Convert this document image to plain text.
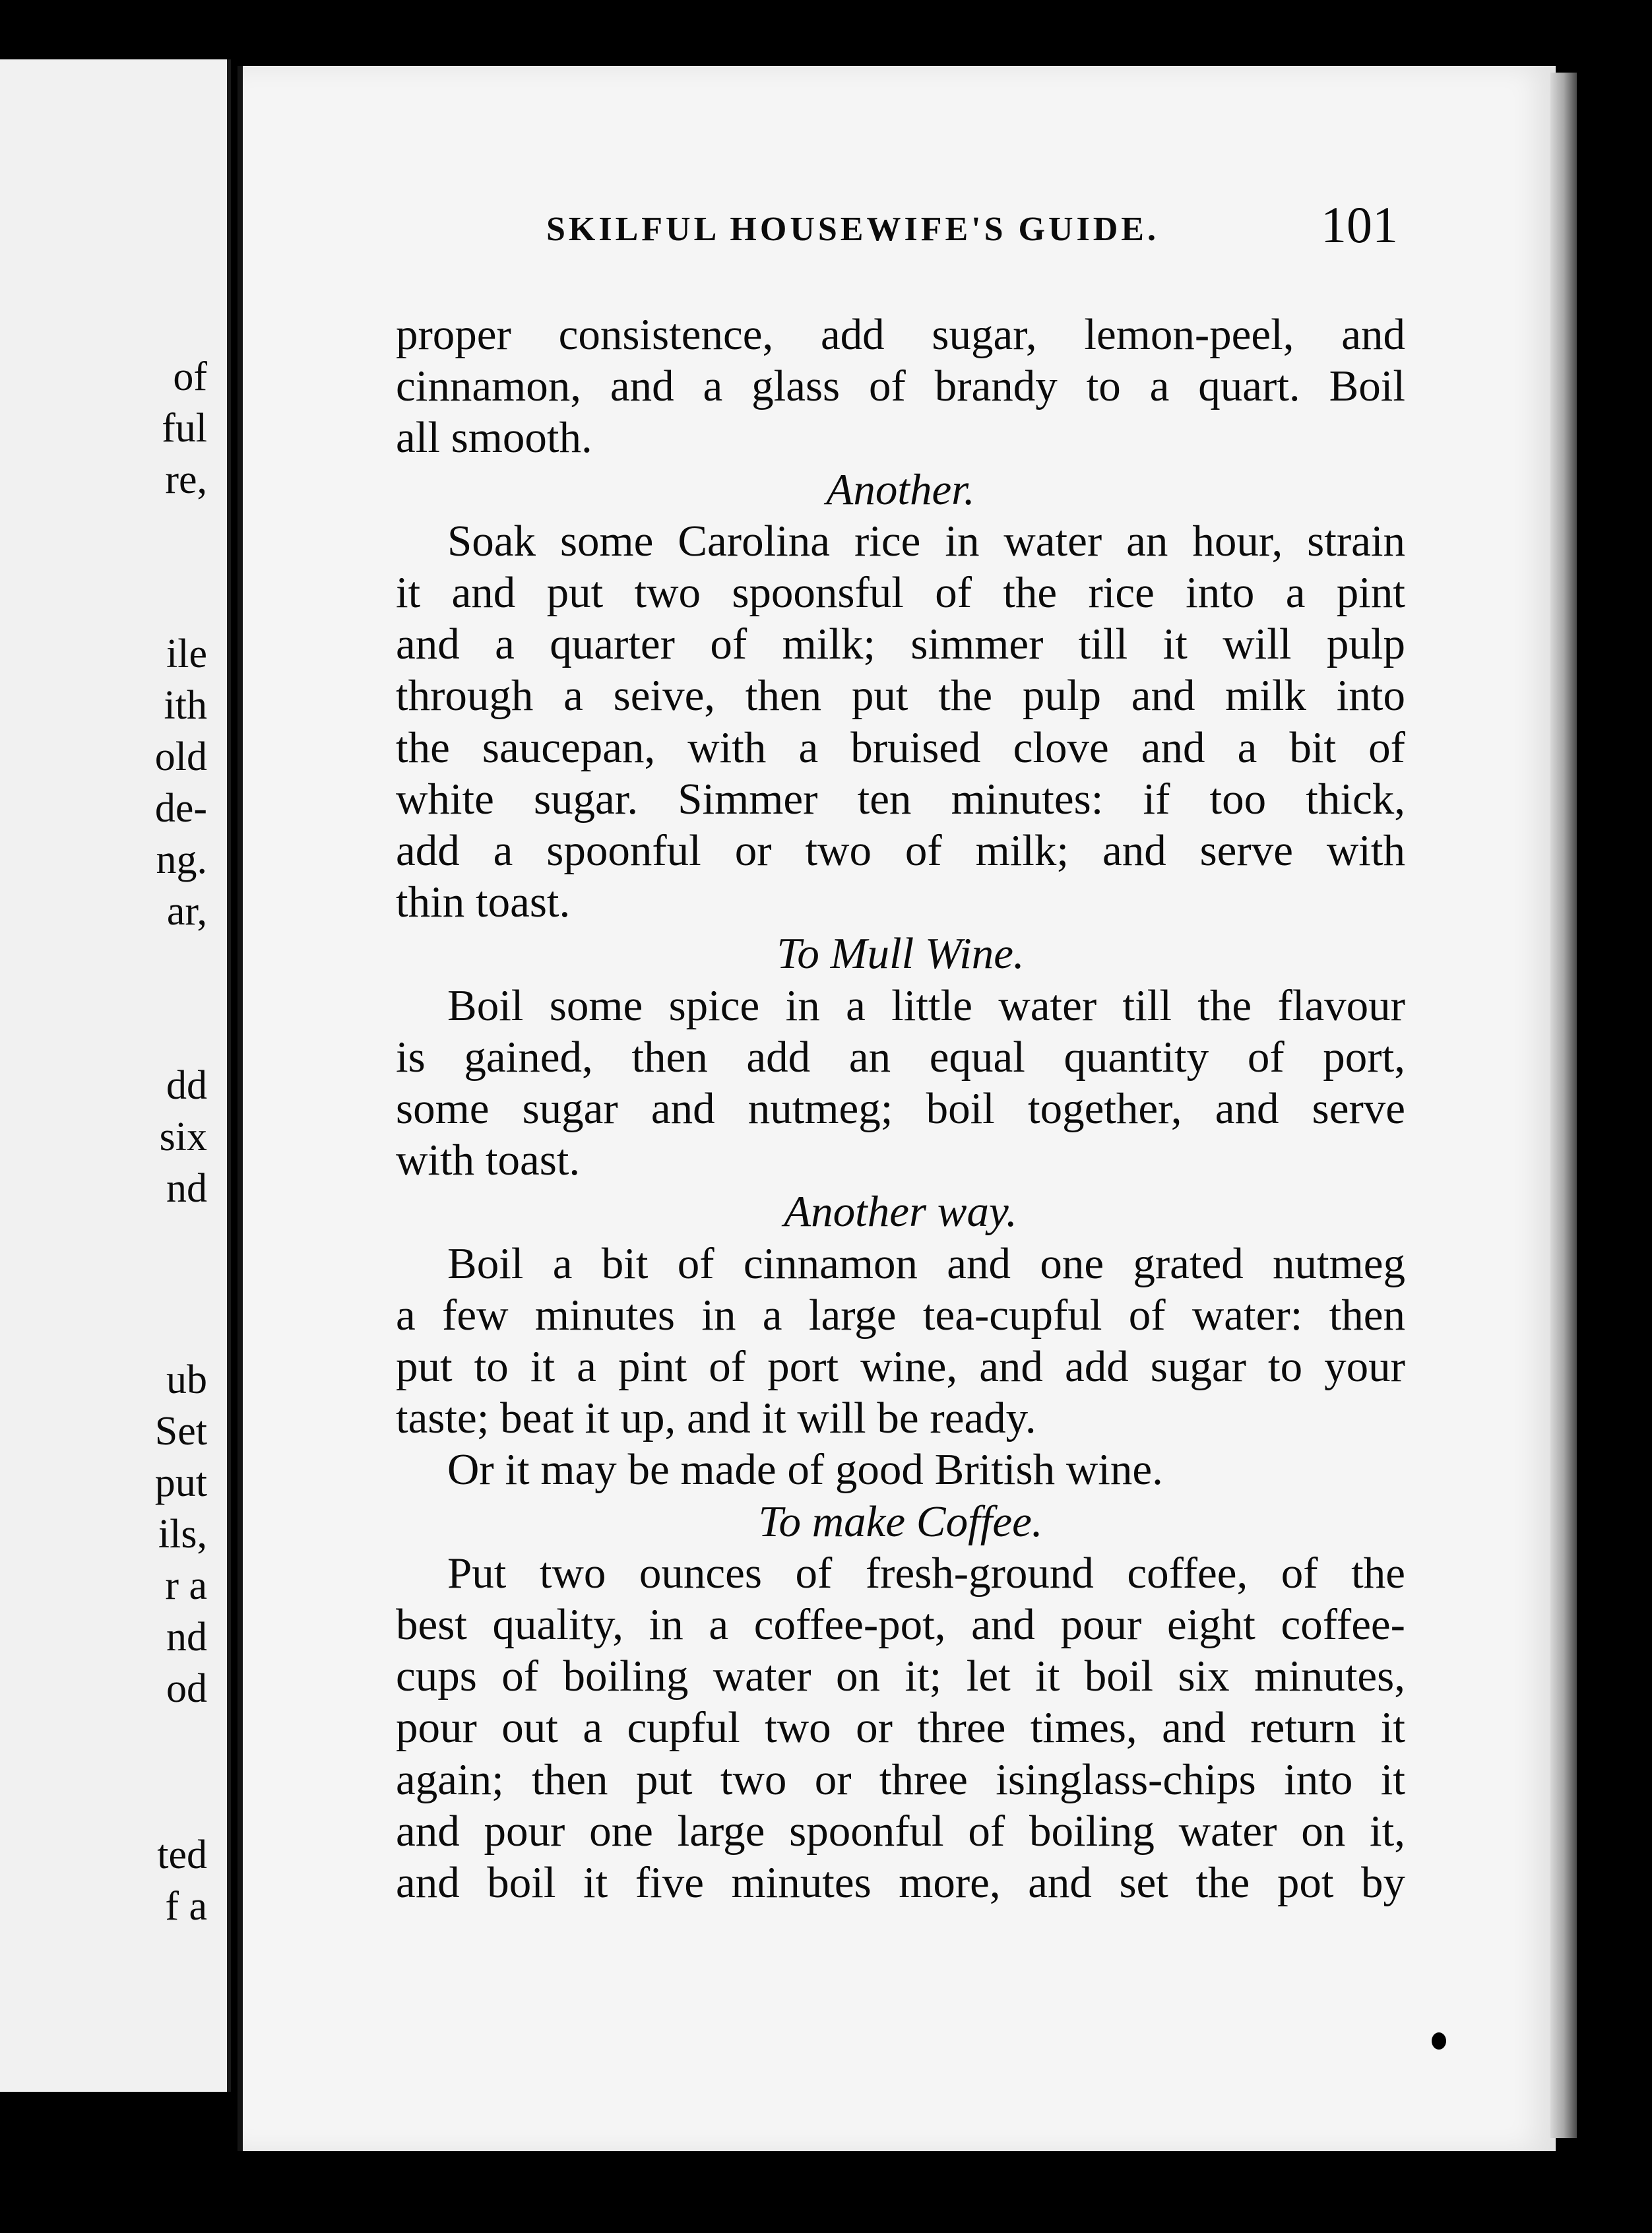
of
ful
re,
ile
ith
old
de-
ng.
ar,
dd
six
nd
ub
Set
put
ils,
r a
nd
od
ted
f a
SKILFUL HOUSEWIFE'S GUIDE.	101
proper consistence, add sugar, lemon-peel, and
cinnamon, and a glass of brandy to a quart. Boil
all smooth.
Another.
Soak some Carolina rice in water an hour, strain
it and put two spoonsful of the rice into a pint
and a quarter of milk; simmer till it will pulp
through a seive, then put the pulp and milk into
the saucepan, with a bruised clove and a bit of
white sugar. Simmer ten minutes: if too thick,
add a spoonful or two of milk; and serve with
thin toast.
To Mull Wine.
Boil some spice in a little water till the flavour
is gained, then add an equal quantity of port,
some sugar and nutmeg; boil together, and serve
with toast.
Another way.
Boil a bit of cinnamon and one grated nutmeg
a few minutes in a large tea-cupful of water: then
put to it a pint of port wine, and add sugar to your
taste; beat it up, and it will be ready.
Or it may be made of good British wine.
To make Coffee.
Put two ounces of fresh-ground coffee, of the
best quality, in a coffee-pot, and pour eight coffee-
cups of boiling water on it; let it boil six minutes,
pour out a cupful two or three times, and return it
again; then put two or three isinglass-chips into it
and pour one large spoonful of boiling water on it,
and boil it five minutes more, and set the pot by
